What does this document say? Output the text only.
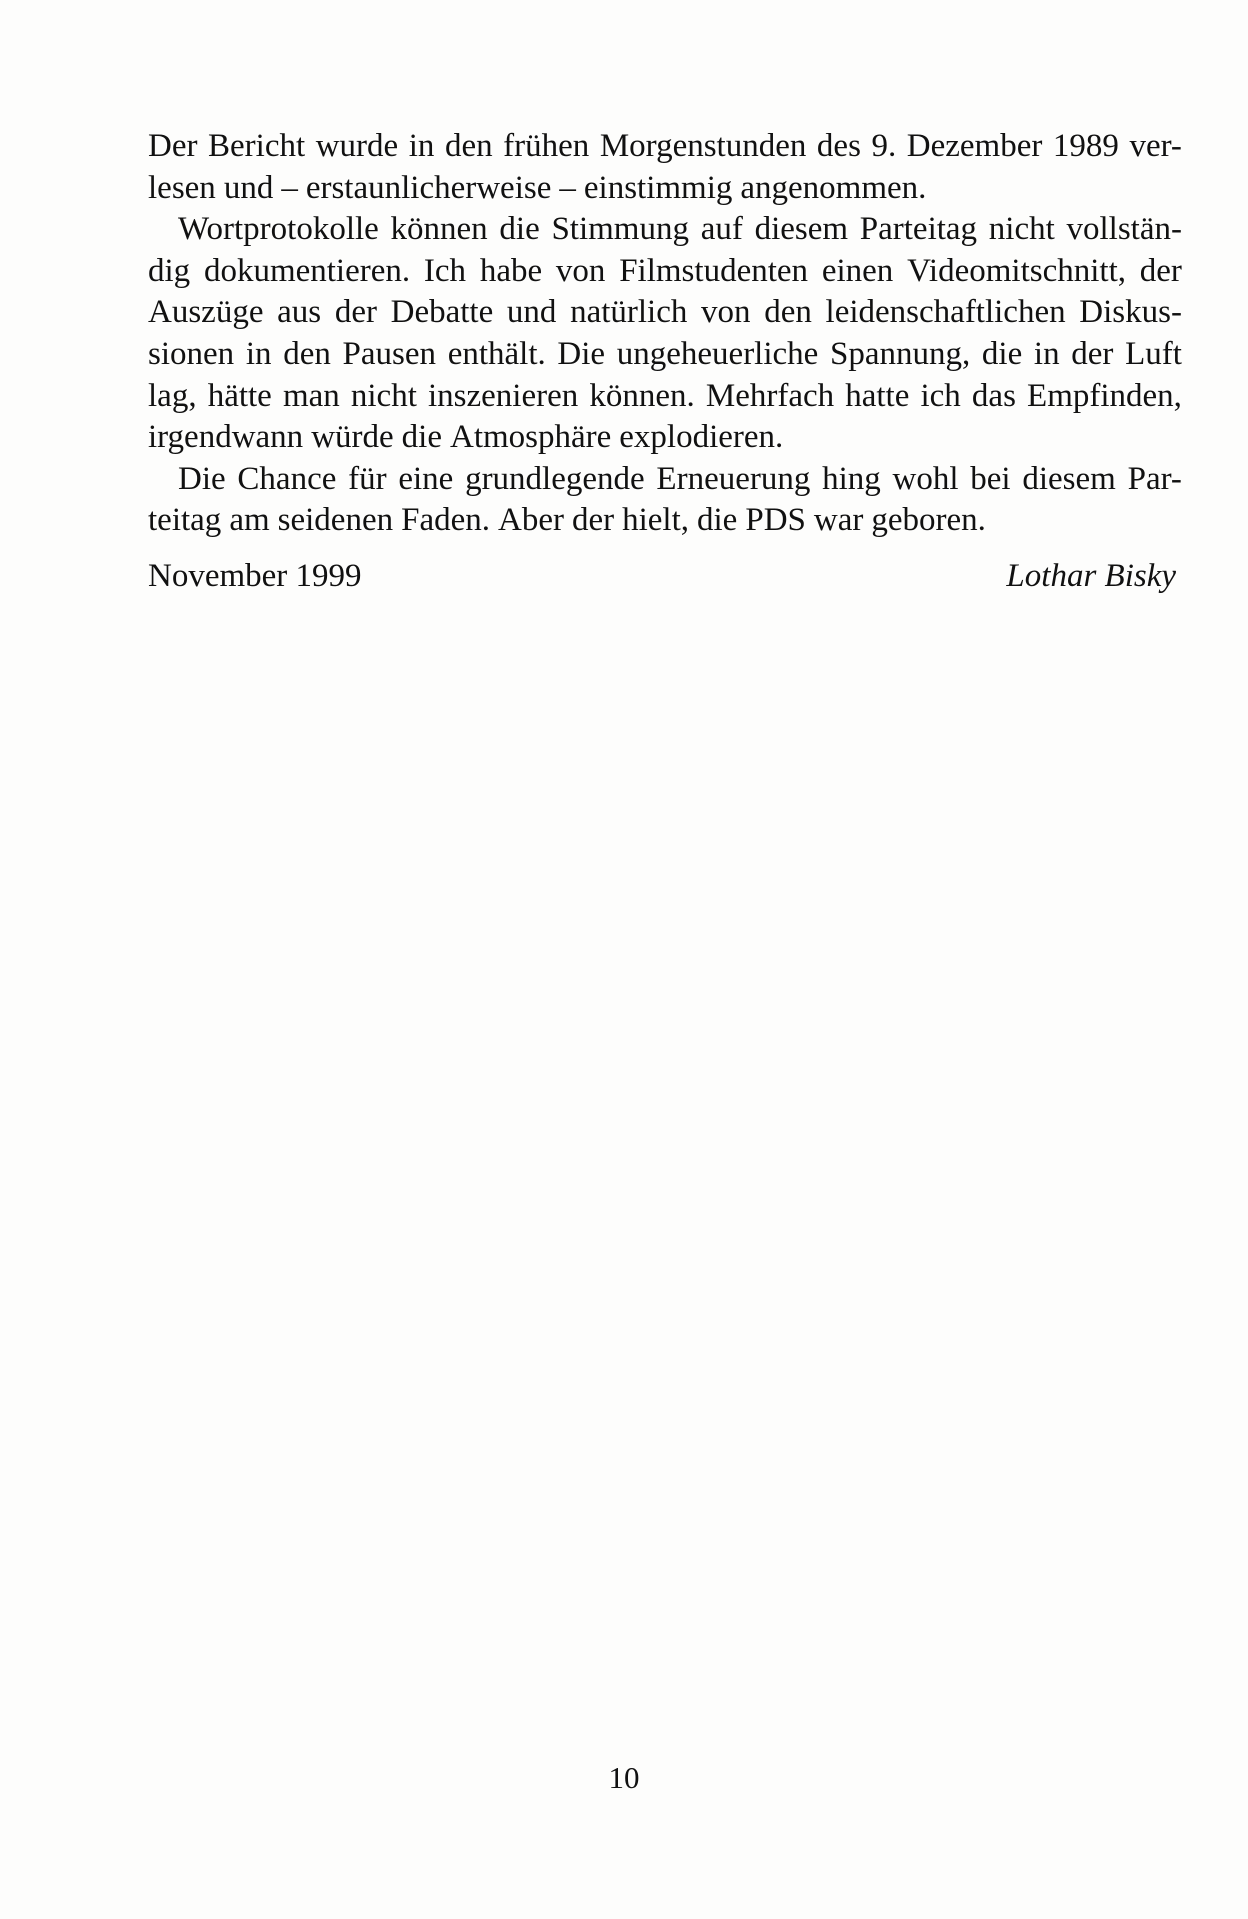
Der Bericht wurde in den frühen Morgenstunden des 9. Dezember 1989 ver-
lesen und – erstaunlicherweise – einstimmig angenommen.
Wortprotokolle können die Stimmung auf diesem Parteitag nicht vollstän-
dig dokumentieren. Ich habe von Filmstudenten einen Videomitschnitt, der
Auszüge aus der Debatte und natürlich von den leidenschaftlichen Diskus-
sionen in den Pausen enthält. Die ungeheuerliche Spannung, die in der Luft
lag, hätte man nicht inszenieren können. Mehrfach hatte ich das Empfinden,
irgendwann würde die Atmosphäre explodieren.
Die Chance für eine grundlegende Erneuerung hing wohl bei diesem Par-
teitag am seidenen Faden. Aber der hielt, die PDS war geboren.
November 1999	Lothar Bisky
10
